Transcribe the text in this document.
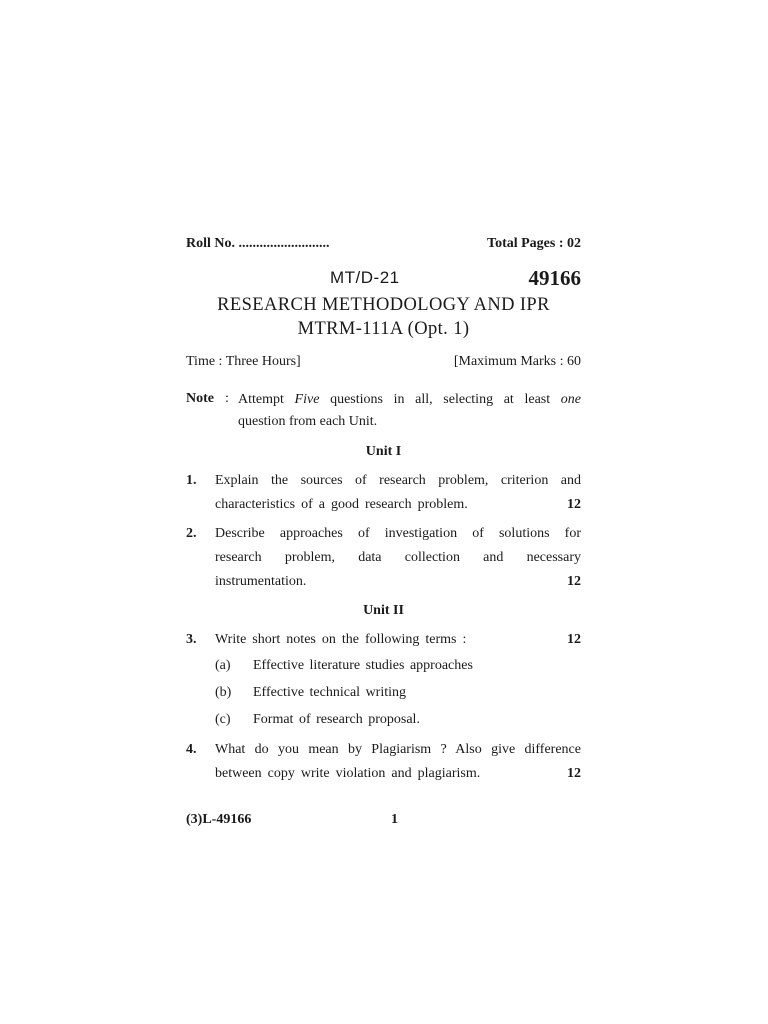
Roll No. ..........................	Total Pages : 02
MT/D-21	49166
RESEARCH METHODOLOGY AND IPR
MTRM-111A (Opt. 1)
Time : Three Hours]	[Maximum Marks : 60
Note : Attempt Five questions in all, selecting at least one
question from each Unit.
Unit I
1. Explain the sources of research problem, criterion and
characteristics of a good research problem.	12
2. Describe approaches of investigation of solutions for
research problem, data collection and necessary
instrumentation.	12
Unit II
3. Write short notes on the following terms :	12
(a) Effective literature studies approaches
(b) Effective technical writing
(c) Format of research proposal.
4. What do you mean by Plagiarism ? Also give difference
between copy write violation and plagiarism.	12
(3)L-49166	1
